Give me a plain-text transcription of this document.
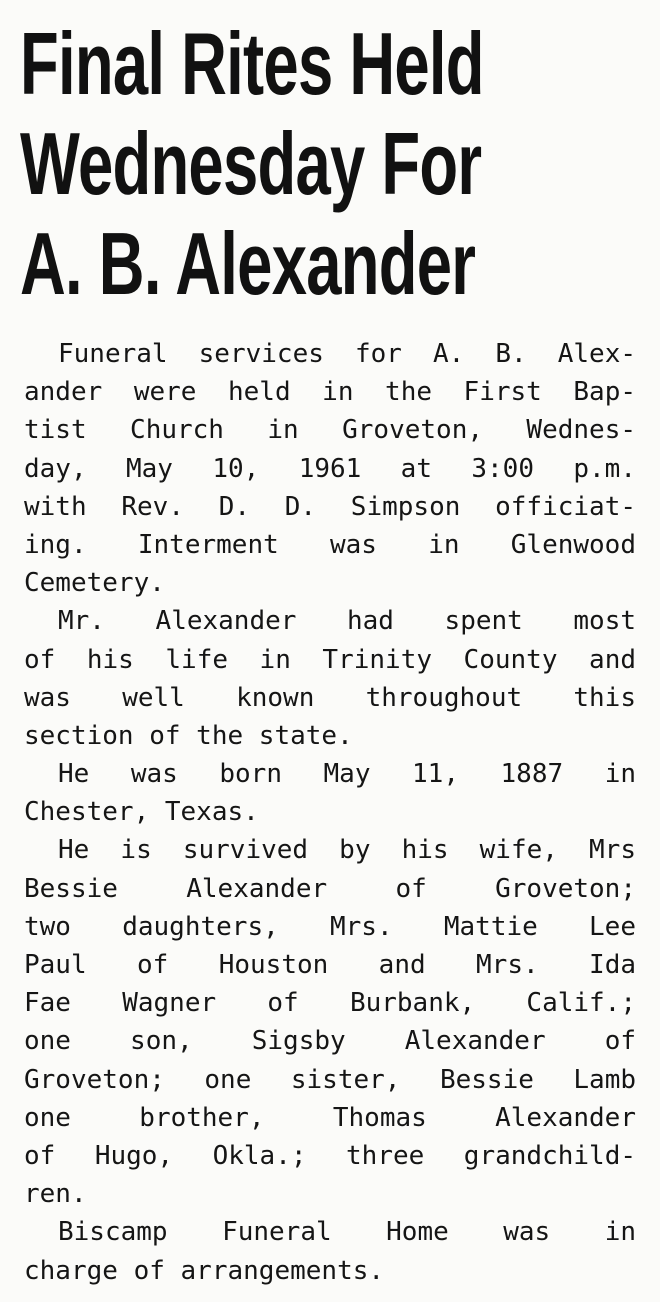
Final Rites Held
Wednesday For
A. B. Alexander
Funeral services for A. B. Alex-
ander were held in the First Bap-
tist Church in Groveton, Wednes-
day, May 10, 1961 at 3:00 p.m.
with Rev. D. D. Simpson officiat-
ing. Interment was in Glenwood
Cemetery.
Mr. Alexander had spent most
of his life in Trinity County and
was well known throughout this
section of the state.
He was born May 11, 1887 in
Chester, Texas.
He is survived by his wife, Mrs
Bessie Alexander of Groveton;
two daughters, Mrs. Mattie Lee
Paul of Houston and Mrs. Ida
Fae Wagner of Burbank, Calif.;
one son, Sigsby Alexander of
Groveton; one sister, Bessie Lamb
one brother, Thomas Alexander
of Hugo, Okla.; three grandchild-
ren.
Biscamp Funeral Home was in
charge of arrangements.
